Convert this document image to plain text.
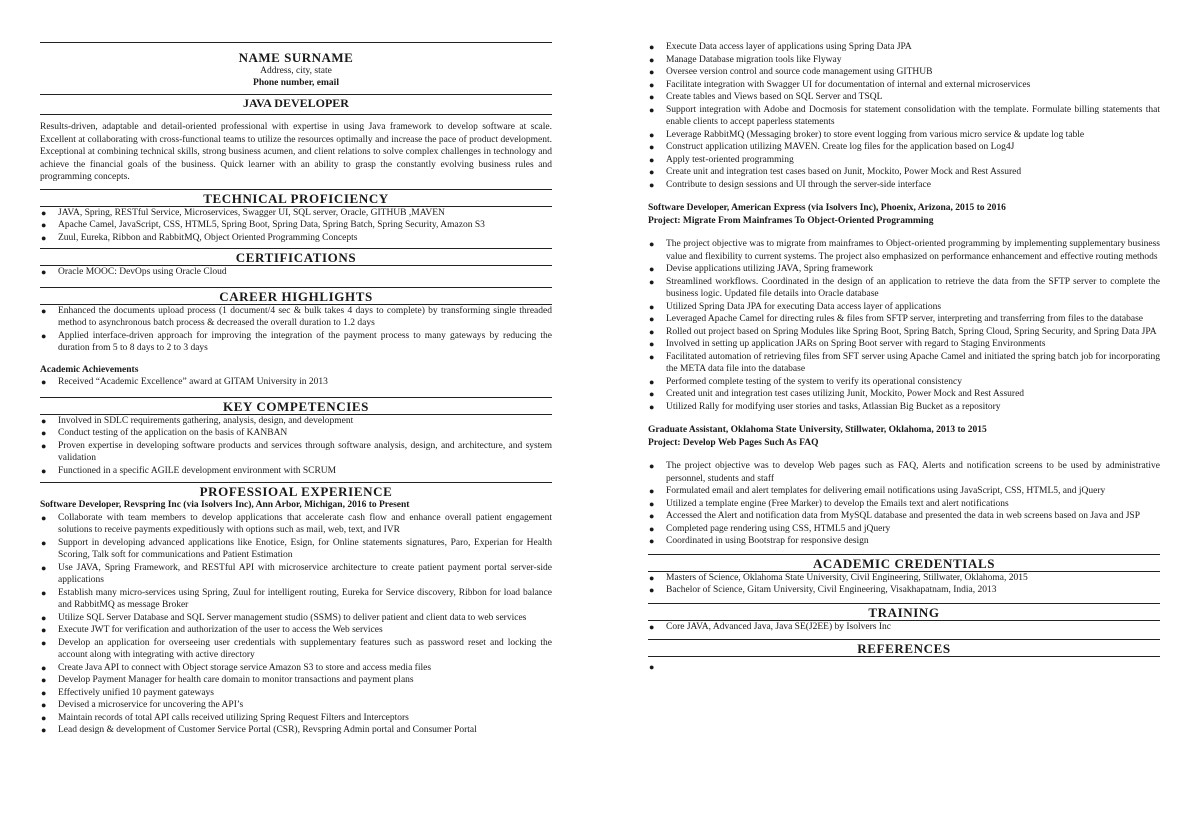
NAME SURNAME
Address, city, state
Phone number, email
JAVA DEVELOPER

Results-driven, adaptable and detail-oriented professional with expertise in using Java framework to develop software at scale. Excellent at collaborating with cross-functional teams to utilize the resources optimally and increase the pace of product development. Exceptional at combining technical skills, strong business acumen, and client relations to solve complex challenges in technology and achieve the financial goals of the business. Quick learner with an ability to grasp the constantly evolving business rules and programming concepts.

TECHNICAL PROFICIENCY
● JAVA, Spring, RESTful Service, Microservices, Swagger UI, SQL server, Oracle, GITHUB ,MAVEN
● Apache Camel, JavaScript, CSS, HTML5, Spring Boot, Spring Data, Spring Batch, Spring Security, Amazon S3
● Zuul, Eureka, Ribbon and RabbitMQ, Object Oriented Programming Concepts
CERTIFICATIONS
● Oracle MOOC: DevOps using Oracle Cloud
CAREER HIGHLIGHTS
● Enhanced the documents upload process (1 document/4 sec & bulk takes 4 days to complete) by transforming single threaded method to asynchronous batch process & decreased the overall duration to 1.2 days
● Applied interface-driven approach for improving the integration of the payment process to many gateways by reducing the duration from 5 to 8 days to 2 to 3 days
Academic Achievements
● Received “Academic Excellence” award at GITAM University in 2013
KEY COMPETENCIES
● Involved in SDLC requirements gathering, analysis, design, and development
● Conduct testing of the application on the basis of KANBAN
● Proven expertise in developing software products and services through software analysis, design, and architecture, and system validation
● Functioned in a specific AGILE development environment with SCRUM
PROFESSIOAL EXPERIENCE
Software Developer, Revspring Inc (via Isolvers Inc), Ann Arbor, Michigan, 2016 to Present
● Collaborate with team members to develop applications that accelerate cash flow and enhance overall patient engagement solutions to receive payments expeditiously with options such as mail, web, text, and IVR
● Support in developing advanced applications like Enotice, Esign, for Online statements signatures, Paro, Experian for Health Scoring, Talk soft for communications and Patient Estimation
● Use JAVA, Spring Framework, and RESTful API with microservice architecture to create patient payment portal server-side applications
● Establish many micro-services using Spring, Zuul for intelligent routing, Eureka for Service discovery, Ribbon for load balance and RabbitMQ as message Broker
● Utilize SQL Server Database and SQL Server management studio (SSMS) to deliver patient and client data to web services
● Execute JWT for verification and authorization of the user to access the Web services
● Develop an application for overseeing user credentials with supplementary features such as password reset and locking the account along with integrating with active directory
● Create Java API to connect with Object storage service Amazon S3 to store and access media files
● Develop Payment Manager for health care domain to monitor transactions and payment plans
● Effectively unified 10 payment gateways
● Devised a microservice for uncovering the API’s
● Maintain records of total API calls received utilizing Spring Request Filters and Interceptors
● Lead design & development of Customer Service Portal (CSR), Revspring Admin portal and Consumer Portal
● Execute Data access layer of applications using Spring Data JPA
● Manage Database migration tools like Flyway
● Oversee version control and source code management using GITHUB
● Facilitate integration with Swagger UI for documentation of internal and external microservices
● Create tables and Views based on SQL Server and TSQL
● Support integration with Adobe and Docmosis for statement consolidation with the template. Formulate billing statements that enable clients to accept paperless statements
● Leverage RabbitMQ (Messaging broker) to store event logging from various micro service & update log table
● Construct application utilizing MAVEN. Create log files for the application based on Log4J
● Apply test-oriented programming
● Create unit and integration test cases based on Junit, Mockito, Power Mock and Rest Assured
● Contribute to design sessions and UI through the server-side interface
Software Developer, American Express (via Isolvers Inc), Phoenix, Arizona, 2015 to 2016
Project: Migrate From Mainframes To Object-Oriented Programming
● The project objective was to migrate from mainframes to Object-oriented programming by implementing supplementary business value and flexibility to current systems. The project also emphasized on performance enhancement and effective routing methods
● Devise applications utilizing JAVA, Spring framework
● Streamlined workflows. Coordinated in the design of an application to retrieve the data from the SFTP server to complete the business logic. Updated file details into Oracle database
● Utilized Spring Data JPA for executing Data access layer of applications
● Leveraged Apache Camel for directing rules & files from SFTP server, interpreting and transferring from files to the database
● Rolled out project based on Spring Modules like Spring Boot, Spring Batch, Spring Cloud, Spring Security, and Spring Data JPA
● Involved in setting up application JARs on Spring Boot server with regard to Staging Environments
● Facilitated automation of retrieving files from SFT server using Apache Camel and initiated the spring batch job for incorporating the META data file into the database
● Performed complete testing of the system to verify its operational consistency
● Created unit and integration test cases utilizing Junit, Mockito, Power Mock and Rest Assured
● Utilized Rally for modifying user stories and tasks, Atlassian Big Bucket as a repository
Graduate Assistant, Oklahoma State University, Stillwater, Oklahoma, 2013 to 2015
Project: Develop Web Pages Such As FAQ
● The project objective was to develop Web pages such as FAQ, Alerts and notification screens to be used by administrative personnel, students and staff
● Formulated email and alert templates for delivering email notifications using JavaScript, CSS, HTML5, and jQuery
● Utilized a template engine (Free Marker) to develop the Emails text and alert notifications
● Accessed the Alert and notification data from MySQL database and presented the data in web screens based on Java and JSP
● Completed page rendering using CSS, HTML5 and jQuery
● Coordinated in using Bootstrap for responsive design
ACADEMIC CREDENTIALS
● Masters of Science, Oklahoma State University, Civil Engineering, Stillwater, Oklahoma, 2015
● Bachelor of Science, Gitam University, Civil Engineering, Visakhapatnam, India, 2013
TRAINING
● Core JAVA, Advanced Java, Java SE(J2EE) by Isolvers Inc
REFERENCES
●
